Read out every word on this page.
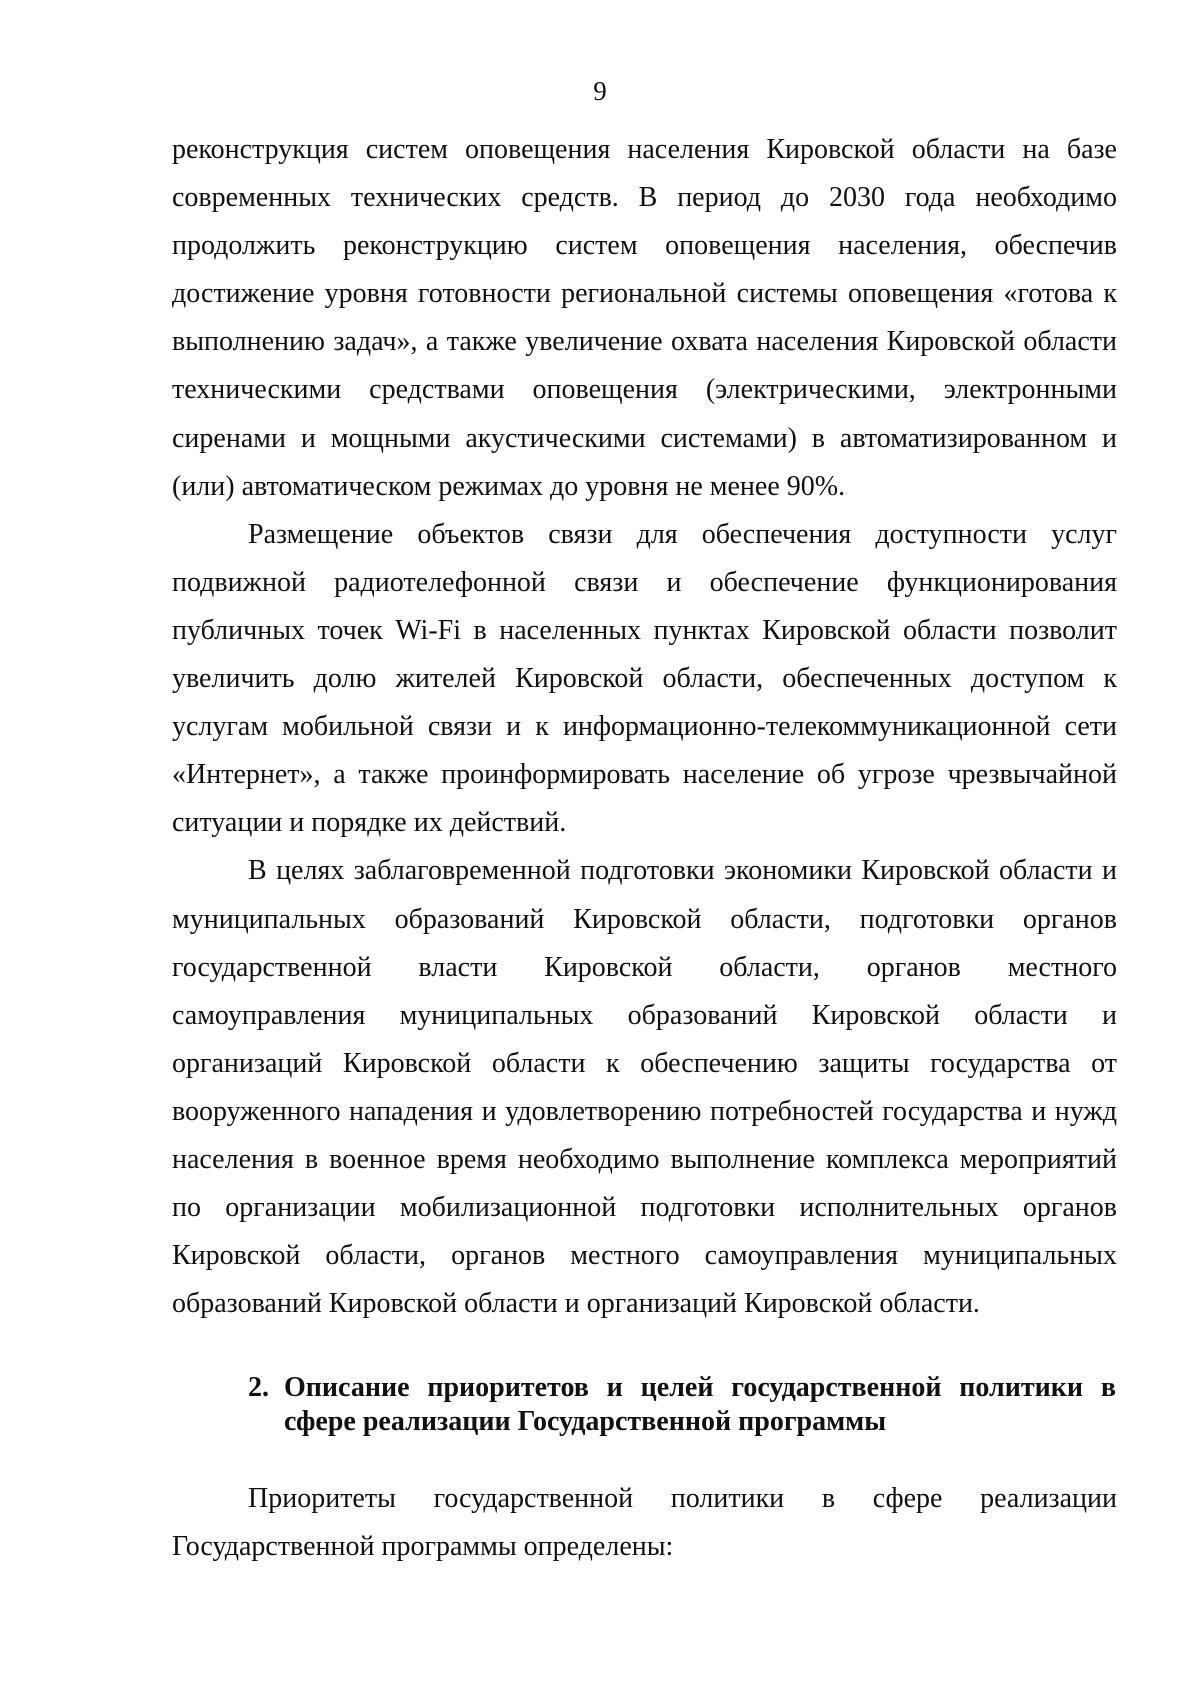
9

реконструкция систем оповещения населения Кировской области на базе современных технических средств. В период до 2030 года необходимо продолжить реконструкцию систем оповещения населения, обеспечив достижение уровня готовности региональной системы оповещения «готова к выполнению задач», а также увеличение охвата населения Кировской области техническими средствами оповещения (электрическими, электронными сиренами и мощными акустическими системами) в автоматизированном и (или) автоматическом режимах до уровня не менее 90%.

Размещение объектов связи для обеспечения доступности услуг подвижной радиотелефонной связи и обеспечение функционирования публичных точек Wi-Fi в населенных пунктах Кировской области позволит увеличить долю жителей Кировской области, обеспеченных доступом к услугам мобильной связи и к информационно-телекоммуникационной сети «Интернет», а также проинформировать население об угрозе чрезвычайной ситуации и порядке их действий.

В целях заблаговременной подготовки экономики Кировской области и муниципальных образований Кировской области, подготовки органов государственной власти Кировской области, органов местного самоуправления муниципальных образований Кировской области и организаций Кировской области к обеспечению защиты государства от вооруженного нападения и удовлетворению потребностей государства и нужд населения в военное время необходимо выполнение комплекса мероприятий по организации мобилизационной подготовки исполнительных органов Кировской области, органов местного самоуправления муниципальных образований Кировской области и организаций Кировской области.

2. Описание приоритетов и целей государственной политики в сфере реализации Государственной программы

Приоритеты государственной политики в сфере реализации Государственной программы определены:
